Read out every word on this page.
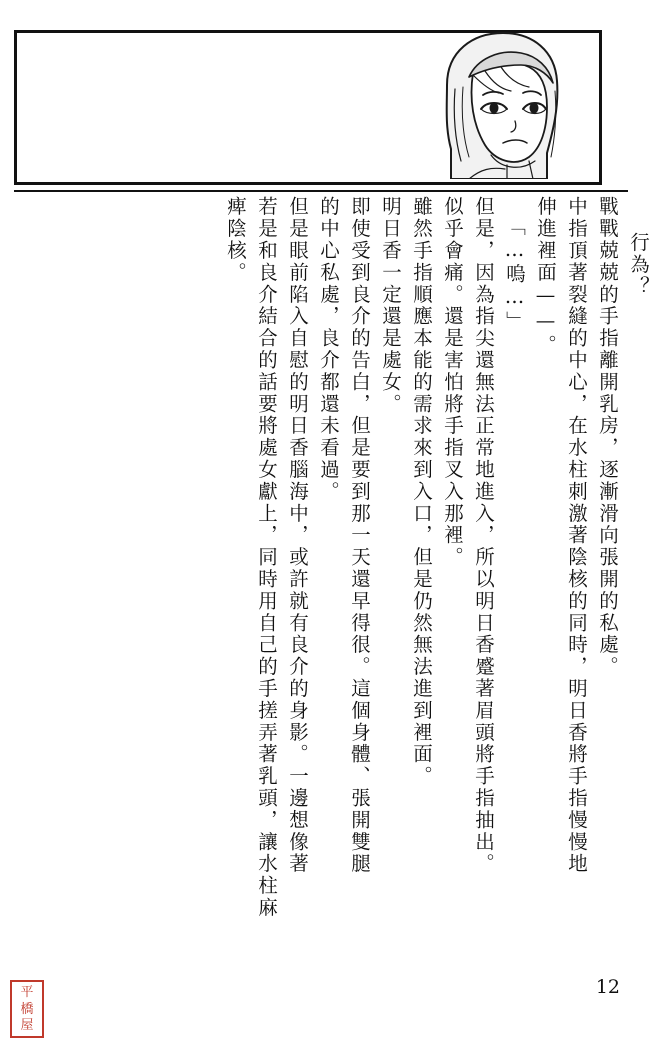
行為？
戰戰兢兢的手指離開乳房，逐漸滑向張開的私處。
中指頂著裂縫的中心，在水柱刺激著陰核的同時，明日香將手指慢慢地
伸進裡面——。
「…嗚…」
但是，因為指尖還無法正常地進入，所以明日香蹙著眉頭將手指抽出。
似乎會痛。還是害怕將手指叉入那裡。
雖然手指順應本能的需求來到入口，但是仍然無法進到裡面。
明日香一定還是處女。
即使受到良介的告白，但是要到那一天還早得很。這個身體、張開雙腿
的中心私處，良介都還未看過。
但是眼前陷入自慰的明日香腦海中，或許就有良介的身影。一邊想像著
若是和良介結合的話要將處女獻上，同時用自己的手搓弄著乳頭，讓水柱麻
痺陰核。
12
平
橋
屋
